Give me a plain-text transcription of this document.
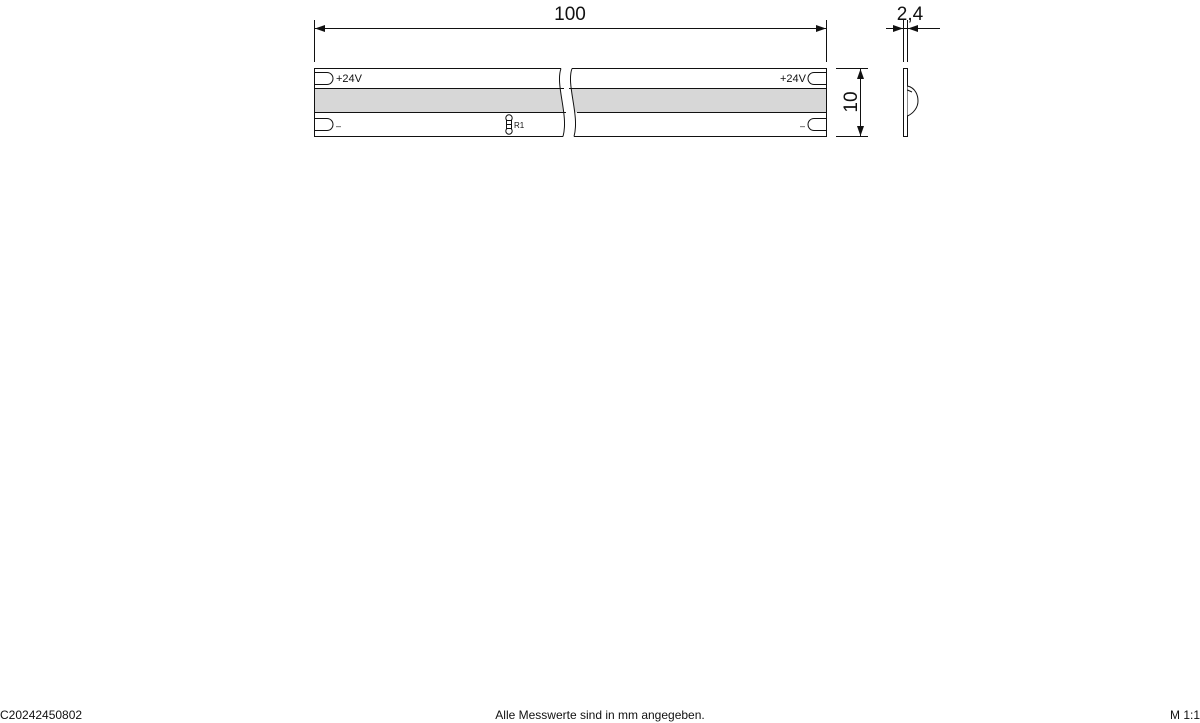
+24V	+24V
–	–
R1
100
10
2,4
C20242450802	Alle Messwerte sind in mm angegeben.	M 1:1
